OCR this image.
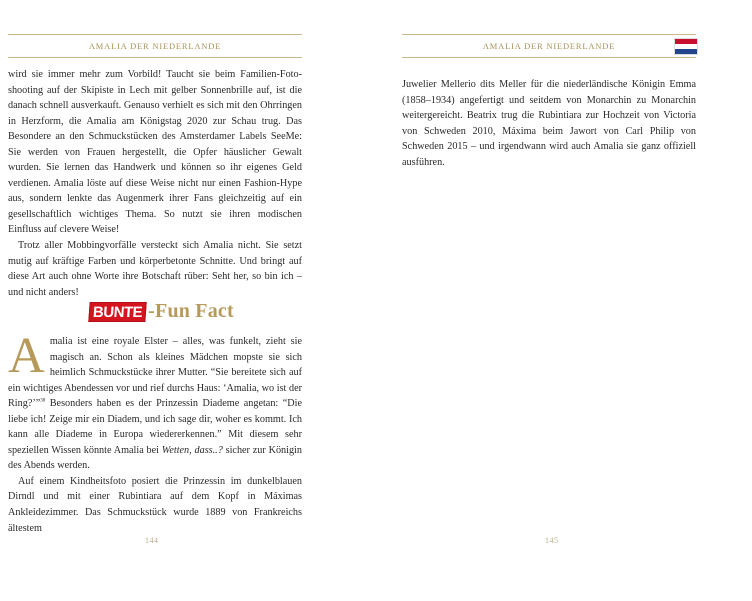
AMALIA DER NIEDERLANDE

wird sie immer mehr zum Vorbild! Taucht sie beim Familien-Foto-shooting auf der Skipiste in Lech mit gelber Sonnenbrille auf, ist die danach schnell ausverkauft. Genauso verhielt es sich mit den Ohrringen in Herzform, die Amalia am Königstag 2020 zur Schau trug. Das Besondere an den Schmuckstücken des Amsterdamer Labels SeeMe: Sie werden von Frauen hergestellt, die Opfer häuslicher Gewalt wurden. Sie lernen das Handwerk und können so ihr eigenes Geld verdienen. Amalia löste auf diese Weise nicht nur einen Fashion-Hype aus, sondern lenkte das Augenmerk ihrer Fans gleichzeitig auf ein gesellschaftlich wichtiges Thema. So nutzt sie ihren modischen Einfluss auf clevere Weise!

Trotz aller Mobbingvorfälle versteckt sich Amalia nicht. Sie setzt mutig auf kräftige Farben und körperbetonte Schnitte. Und bringt auf diese Art auch ohne Worte ihre Botschaft rüber: Seht her, so bin ich – und nicht anders!

BUNTE -Fun Fact

Amalia ist eine royale Elster – alles, was funkelt, zieht sie magisch an. Schon als kleines Mädchen mopste sie sich heimlich Schmuckstücke ihrer Mutter. “Sie bereitete sich auf ein wichtiges Abendessen vor und rief durchs Haus: ‘Amalia, wo ist der Ring?’”$^{38}$ Besonders haben es der Prinzessin Diademe angetan: “Die liebe ich! Zeige mir ein Diadem, und ich sage dir, woher es kommt. Ich kann alle Diademe in Europa wiedererkennen.” Mit diesem sehr speziellen Wissen könnte Amalia bei Wetten, dass..? sicher zur Königin des Abends werden.

Auf einem Kindheitsfoto posiert die Prinzessin im dunkelblauen Dirndl und mit einer Rubintiara auf dem Kopf in Máximas Ankleidezimmer. Das Schmuckstück wurde 1889 von Frankreichs ältestem

144
AMALIA DER NIEDERLANDE

Juwelier Mellerio dits Meller für die niederländische Königin Emma (1858–1934) angefertigt und seitdem von Monarchin zu Monarchin weitergereicht. Beatrix trug die Rubintiara zur Hochzeit von Victoria von Schweden 2010, Máxima beim Jawort von Carl Philip von Schweden 2015 – und irgendwann wird auch Amalia sie ganz offiziell ausführen.

145
